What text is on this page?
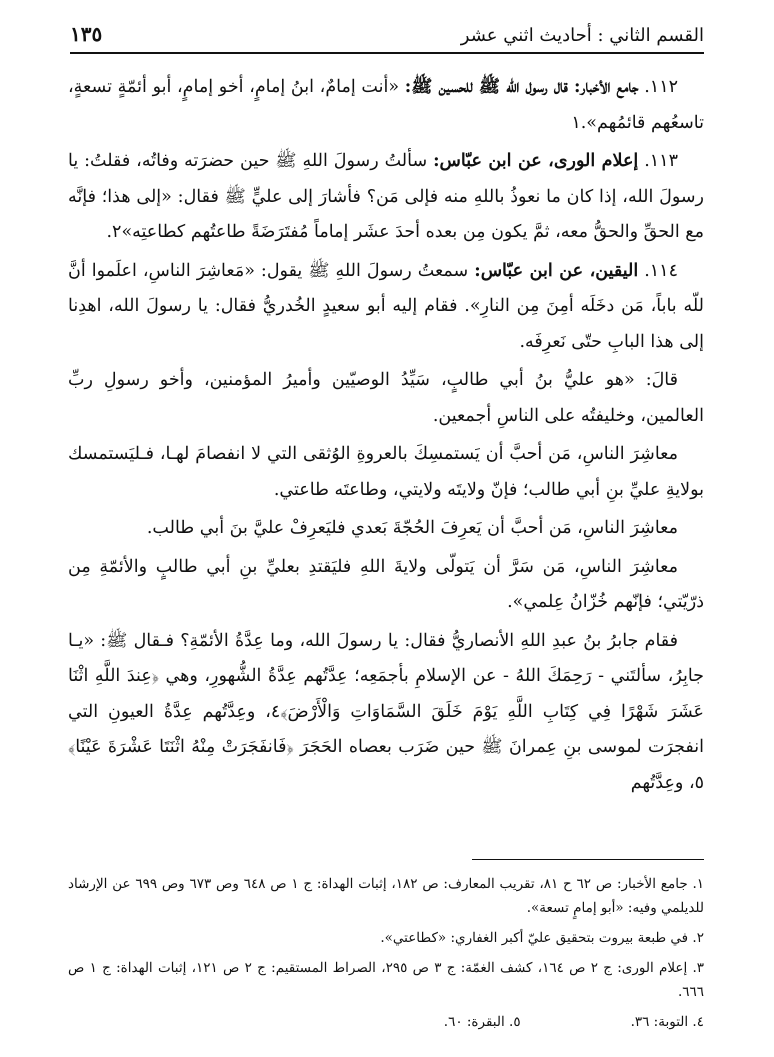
القسم الثاني : أحاديث اثني عشر
١٣٥

١١٢. جامع الأخبار: قال رسول الله ﷺ للحسين ﷺ: «أنت إمامٌ، ابنُ إمامٍ، أخو إمامٍ، أبو أئمّةٍ تسعةٍ، تاسعُهم قائمُهم».١

١١٣. إعلام الورى، عن ابن عبّاس: سألتُ رسولَ اللهِ ﷺ حين حضرَته وفاتُه، فقلتُ: يا رسولَ الله، إذا كان ما نعوذُ باللهِ منه فإلى مَن؟ فأشارَ إلى عليٍّ ﷺ فقال: «إلى هذا؛ فإنَّه مع الحقِّ والحقُّ معه، ثمَّ يكون مِن بعده أحدَ عشَر إماماً مُفتَرَضَةً طاعتُهم كطاعتِه»٢.

١١٤. اليقين، عن ابن عبّاس: سمعتُ رسولَ اللهِ ﷺ يقول: «مَعاشِرَ الناسِ، اعلَموا أنَّ للّه باباً، مَن دخَلَه أمِنَ مِن النارِ». فقام إليه أبو سعيدٍ الخُدريُّ فقال: يا رسولَ الله، اهدِنا إلى هذا البابِ حتّى نَعرِفَه.

قالَ: «هو عليُّ بنُ أبي طالبٍ، سَيِّدُ الوصيّين وأميرُ المؤمنين، وأخو رسولِ ربِّ العالمين، وخليفتُه على الناسِ أجمعين.

معاشِرَ الناسِ، مَن أحبَّ أن يَستمسِكَ بالعروةِ الوُثقى التي لا انفصامَ لهـا، فـليَستمسك بولايةِ عليِّ بنِ أبي طالب؛ فإنّ ولايتَه ولايتي، وطاعتَه طاعتي.

معاشِرَ الناسِ، مَن أحبَّ أن يَعرِفَ الحُجّةَ بَعدي فليَعرِفْ عليَّ بنَ أبي طالب.

معاشِرَ الناسِ، مَن سَرَّ أن يَتولّى ولايةَ اللهِ فليَقتدِ بعليِّ بنِ أبي طالبٍ والأئمّةِ مِن ذرّيّتي؛ فإنّهم خُزّانُ عِلمي».

فقام جابرُ بنُ عبدِ اللهِ الأنصاريُّ فقال: يا رسولَ الله، وما عِدَّةُ الأئمّةِ؟ فـقال ﷺ: «يـا جابِرُ، سألتَني - رَحِمَكَ اللهُ - عن الإسلامِ بأجمَعِه؛ عِدَّتُهم عِدَّةُ الشُّهورِ، وهي ﴿عِندَ اللَّهِ اثْنَا عَشَرَ شَهْرًا فِي كِتَابِ اللَّهِ يَوْمَ خَلَقَ السَّمَاوَاتِ وَالْأَرْضَ﴾٤، وعِدَّتُهم عِدَّةُ العيونِ التي انفجرَت لموسى بنِ عِمرانَ ﷺ حين ضَرَب بعصاه الحَجَرَ ﴿فَانفَجَرَتْ مِنْهُ اثْنَتَا عَشْرَةَ عَيْنًا﴾٥، وعِدَّتُهم

١. جامع الأخبار: ص ٦٢ ح ٨١، تقريب المعارف: ص ١٨٢، إثبات الهداة: ج ١ ص ٦٤٨ وص ٦٧٣ وص ٦٩٩ عن الإرشاد للديلمي وفيه: «أبو إمامٍ تسعة».

٢. في طبعة بيروت بتحقيق عليّ أكبر الغفاري: «كطاعتي».

٣. إعلام الورى: ج ٢ ص ١٦٤، كشف الغمّة: ج ٣ ص ٢٩٥، الصراط المستقيم: ج ٢ ص ١٢١، إثبات الهداة: ج ١ ص ٦٦٦.

٤. التوبة: ٣٦.
٥. البقرة: ٦٠.
